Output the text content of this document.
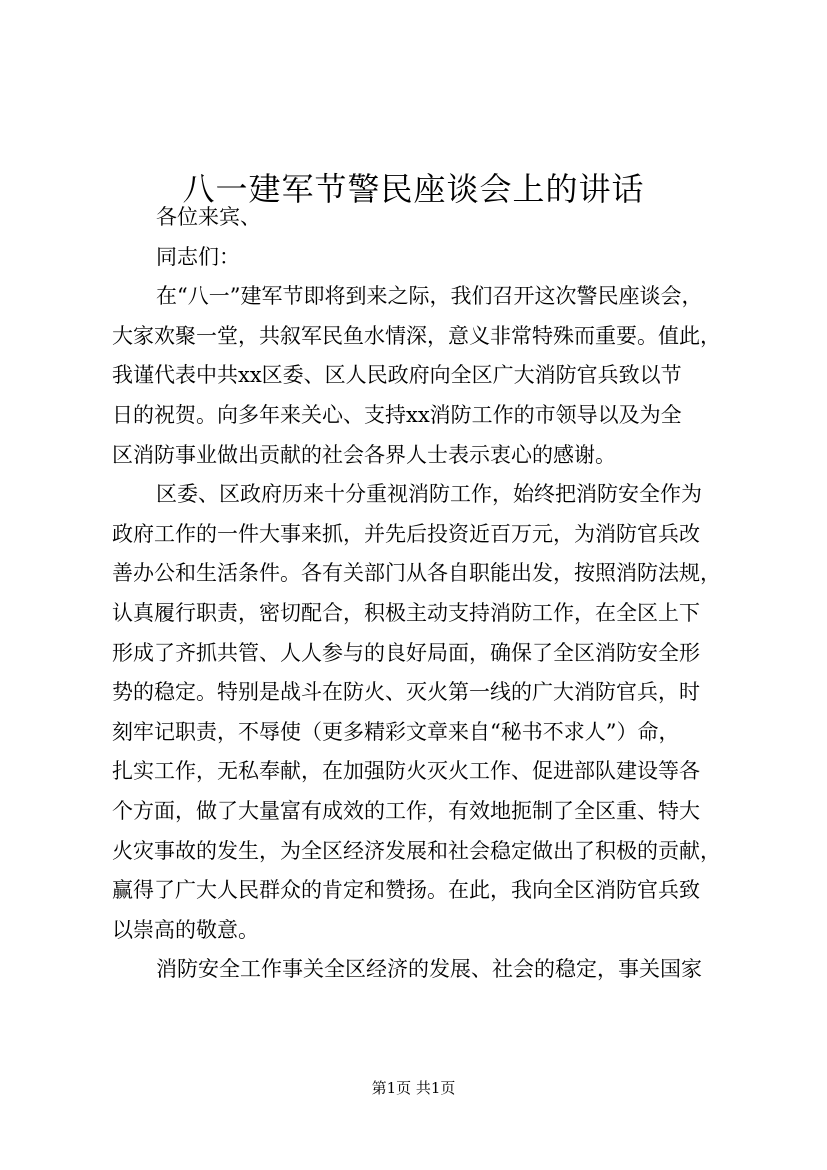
八一建军节警民座谈会上的讲话
各位来宾、
同志们：
在“八一”建军节即将到来之际，我们召开这次警民座谈会，
大家欢聚一堂，共叙军民鱼水情深，意义非常特殊而重要。值此，
我谨代表中共xx区委、区人民政府向全区广大消防官兵致以节
日的祝贺。向多年来关心、支持xx消防工作的市领导以及为全
区消防事业做出贡献的社会各界人士表示衷心的感谢。
区委、区政府历来十分重视消防工作，始终把消防安全作为
政府工作的一件大事来抓，并先后投资近百万元，为消防官兵改
善办公和生活条件。各有关部门从各自职能出发，按照消防法规，
认真履行职责，密切配合，积极主动支持消防工作，在全区上下
形成了齐抓共管、人人参与的良好局面，确保了全区消防安全形
势的稳定。特别是战斗在防火、灭火第一线的广大消防官兵，时
刻牢记职责，不辱使（更多精彩文章来自“秘书不求人”）命，
扎实工作，无私奉献，在加强防火灭火工作、促进部队建设等各
个方面，做了大量富有成效的工作，有效地扼制了全区重、特大
火灾事故的发生，为全区经济发展和社会稳定做出了积极的贡献，
赢得了广大人民群众的肯定和赞扬。在此，我向全区消防官兵致
以崇高的敬意。
消防安全工作事关全区经济的发展、社会的稳定，事关国家
第1页 共1页
